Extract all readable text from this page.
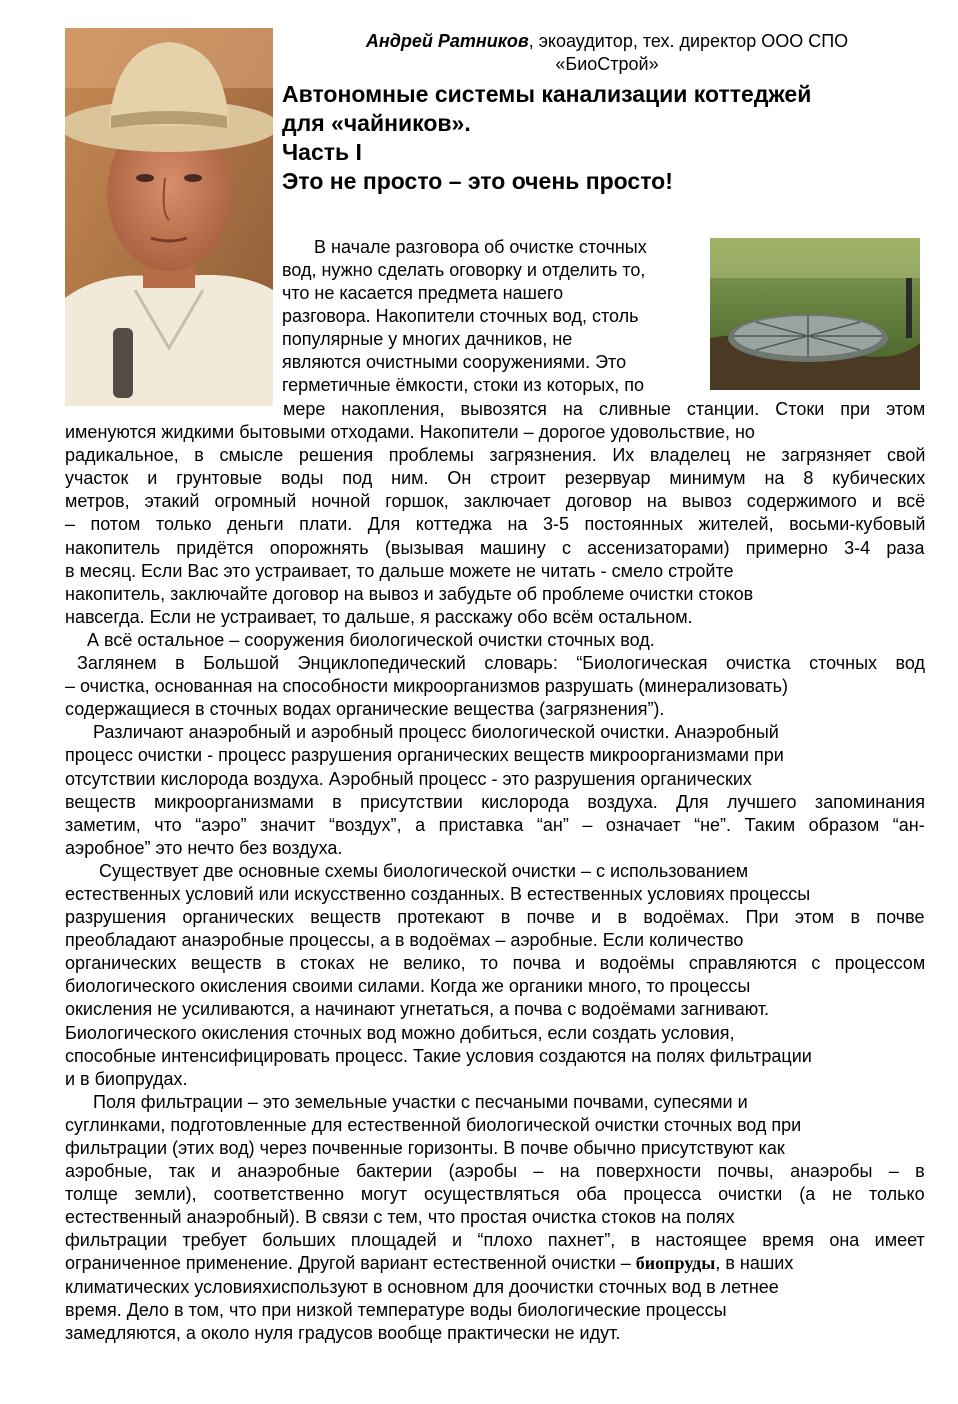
Андрей Ратников, экоаудитор, тех. директор ООО СПО
«БиоСтрой»
Автономные системы канализации коттеджей
для «чайников».
Часть I
Это не просто – это очень просто!
В начале разговора об очистке сточных
вод, нужно сделать оговорку и отделить то,
что не касается предмета нашего
разговора. Накопители сточных вод, столь
популярные у многих дачников, не
являются очистными сооружениями. Это
герметичные ёмкости, стоки из которых, по
мере накопления, вывозятся на сливные станции. Стоки при этом
именуются жидкими бытовыми отходами. Накопители – дорогое удовольствие, но
радикальное, в смысле решения проблемы загрязнения. Их владелец не загрязняет свой
участок и грунтовые воды под ним. Он строит резервуар минимум на 8 кубических
метров, этакий огромный ночной горшок, заключает договор на вывоз содержимого и всё
– потом только деньги плати. Для коттеджа на 3-5 постоянных жителей, восьми-кубовый
накопитель придётся опорожнять (вызывая машину с ассенизаторами) примерно 3-4 раза
в месяц. Если Вас это устраивает, то дальше можете не читать - смело стройте
накопитель, заключайте договор на вывоз и забудьте об проблеме очистки стоков
навсегда. Если не устраивает, то дальше, я расскажу обо всём остальном.
А всё остальное – сооружения биологической очистки сточных вод.
Заглянем в Большой Энциклопедический словарь: “Биологическая очистка сточных вод
– очистка, основанная на способности микроорганизмов разрушать (минерализовать)
содержащиеся в сточных водах органические вещества (загрязнения”).
Различают анаэробный и аэробный процесс биологической очистки. Анаэробный
процесс очистки - процесс разрушения органических веществ микроорганизмами при
отсутствии кислорода воздуха. Аэробный процесс - это разрушения органических
веществ микроорганизмами в присутствии кислорода воздуха. Для лучшего запоминания
заметим, что “аэро” значит “воздух”, а приставка “ан” – означает “не”. Таким образом “ан-
аэробное” это нечто без воздуха.
Существует две основные схемы биологической очистки – с использованием
естественных условий или искусственно созданных. В естественных условиях процессы
разрушения органических веществ протекают в почве и в водоёмах. При этом в почве
преобладают анаэробные процессы, а в водоёмах – аэробные. Если количество
органических веществ в стоках не велико, то почва и водоёмы справляются с процессом
биологического окисления своими силами. Когда же органики много, то процессы
окисления не усиливаются, а начинают угнетаться, а почва с водоёмами загнивают.
Биологического окисления сточных вод можно добиться, если создать условия,
способные интенсифицировать процесс. Такие условия создаются на полях фильтрации
и в биопрудах.
Поля фильтрации – это земельные участки с песчаными почвами, супесями и
суглинками, подготовленные для естественной биологической очистки сточных вод при
фильтрации (этих вод) через почвенные горизонты. В почве обычно присутствуют как
аэробные, так и анаэробные бактерии (аэробы – на поверхности почвы, анаэробы – в
толще земли), соответственно могут осуществляться оба процесса очистки (а не только
естественный анаэробный). В связи с тем, что простая очистка стоков на полях
фильтрации требует больших площадей и “плохо пахнет”, в настоящее время она имеет
ограниченное применение. Другой вариант естественной очистки – биопруды, в наших
климатических условияхиспользуют в основном для доочистки сточных вод в летнее
время. Дело в том, что при низкой температуре воды биологические процессы
замедляются, а около нуля градусов вообще практически не идут.
